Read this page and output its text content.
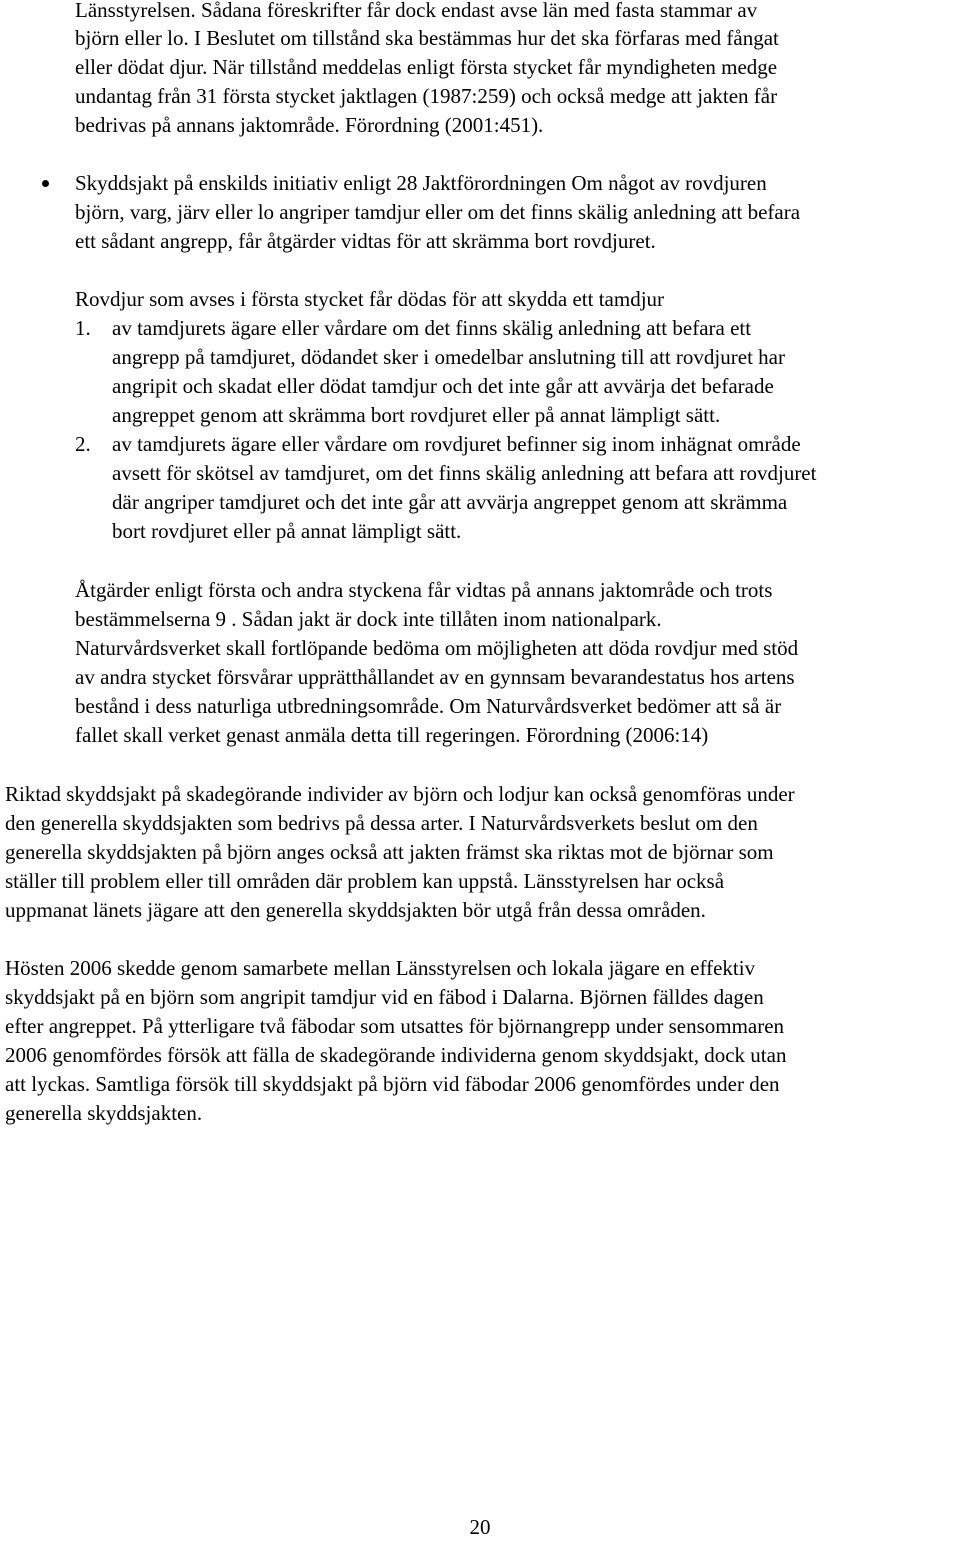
Länsstyrelsen. Sådana föreskrifter får dock endast avse län med fasta stammar av

björn eller lo. I Beslutet om tillstånd ska bestämmas hur det ska förfaras med fångat

eller dödat djur. När tillstånd meddelas enligt första stycket får myndigheten medge

undantag från 31 första stycket jaktlagen (1987:259) och också medge att jakten får

bedrivas på annans jaktområde. Förordning (2001:451).

Skyddsjakt på enskilds initiativ enligt 28 Jaktförordningen Om något av rovdjuren

björn, varg, järv eller lo angriper tamdjur eller om det finns skälig anledning att befara

ett sådant angrepp, får åtgärder vidtas för att skrämma bort rovdjuret.

Rovdjur som avses i första stycket får dödas för att skydda ett tamdjur

1. av tamdjurets ägare eller vårdare om det finns skälig anledning att befara ett

angrepp på tamdjuret, dödandet sker i omedelbar anslutning till att rovdjuret har

angripit och skadat eller dödat tamdjur och det inte går att avvärja det befarade

angreppet genom att skrämma bort rovdjuret eller på annat lämpligt sätt.

2. av tamdjurets ägare eller vårdare om rovdjuret befinner sig inom inhägnat område

avsett för skötsel av tamdjuret, om det finns skälig anledning att befara att rovdjuret

där angriper tamdjuret och det inte går att avvärja angreppet genom att skrämma

bort rovdjuret eller på annat lämpligt sätt.

Åtgärder enligt första och andra styckena får vidtas på annans jaktområde och trots

bestämmelserna 9 . Sådan jakt är dock inte tillåten inom nationalpark.

Naturvårdsverket skall fortlöpande bedöma om möjligheten att döda rovdjur med stöd

av andra stycket försvårar upprätthållandet av en gynnsam bevarandestatus hos artens

bestånd i dess naturliga utbredningsområde. Om Naturvårdsverket bedömer att så är

fallet skall verket genast anmäla detta till regeringen. Förordning (2006:14)

Riktad skyddsjakt på skadegörande individer av björn och lodjur kan också genomföras under

den generella skyddsjakten som bedrivs på dessa arter. I Naturvårdsverkets beslut om den

generella skyddsjakten på björn anges också att jakten främst ska riktas mot de björnar som

ställer till problem eller till områden där problem kan uppstå. Länsstyrelsen har också

uppmanat länets jägare att den generella skyddsjakten bör utgå från dessa områden.

Hösten 2006 skedde genom samarbete mellan Länsstyrelsen och lokala jägare en effektiv

skyddsjakt på en björn som angripit tamdjur vid en fäbod i Dalarna. Björnen fälldes dagen

efter angreppet. På ytterligare två fäbodar som utsattes för björnangrepp under sensommaren

2006 genomfördes försök att fälla de skadegörande individerna genom skyddsjakt, dock utan

att lyckas. Samtliga försök till skyddsjakt på björn vid fäbodar 2006 genomfördes under den

generella skyddsjakten.

20
